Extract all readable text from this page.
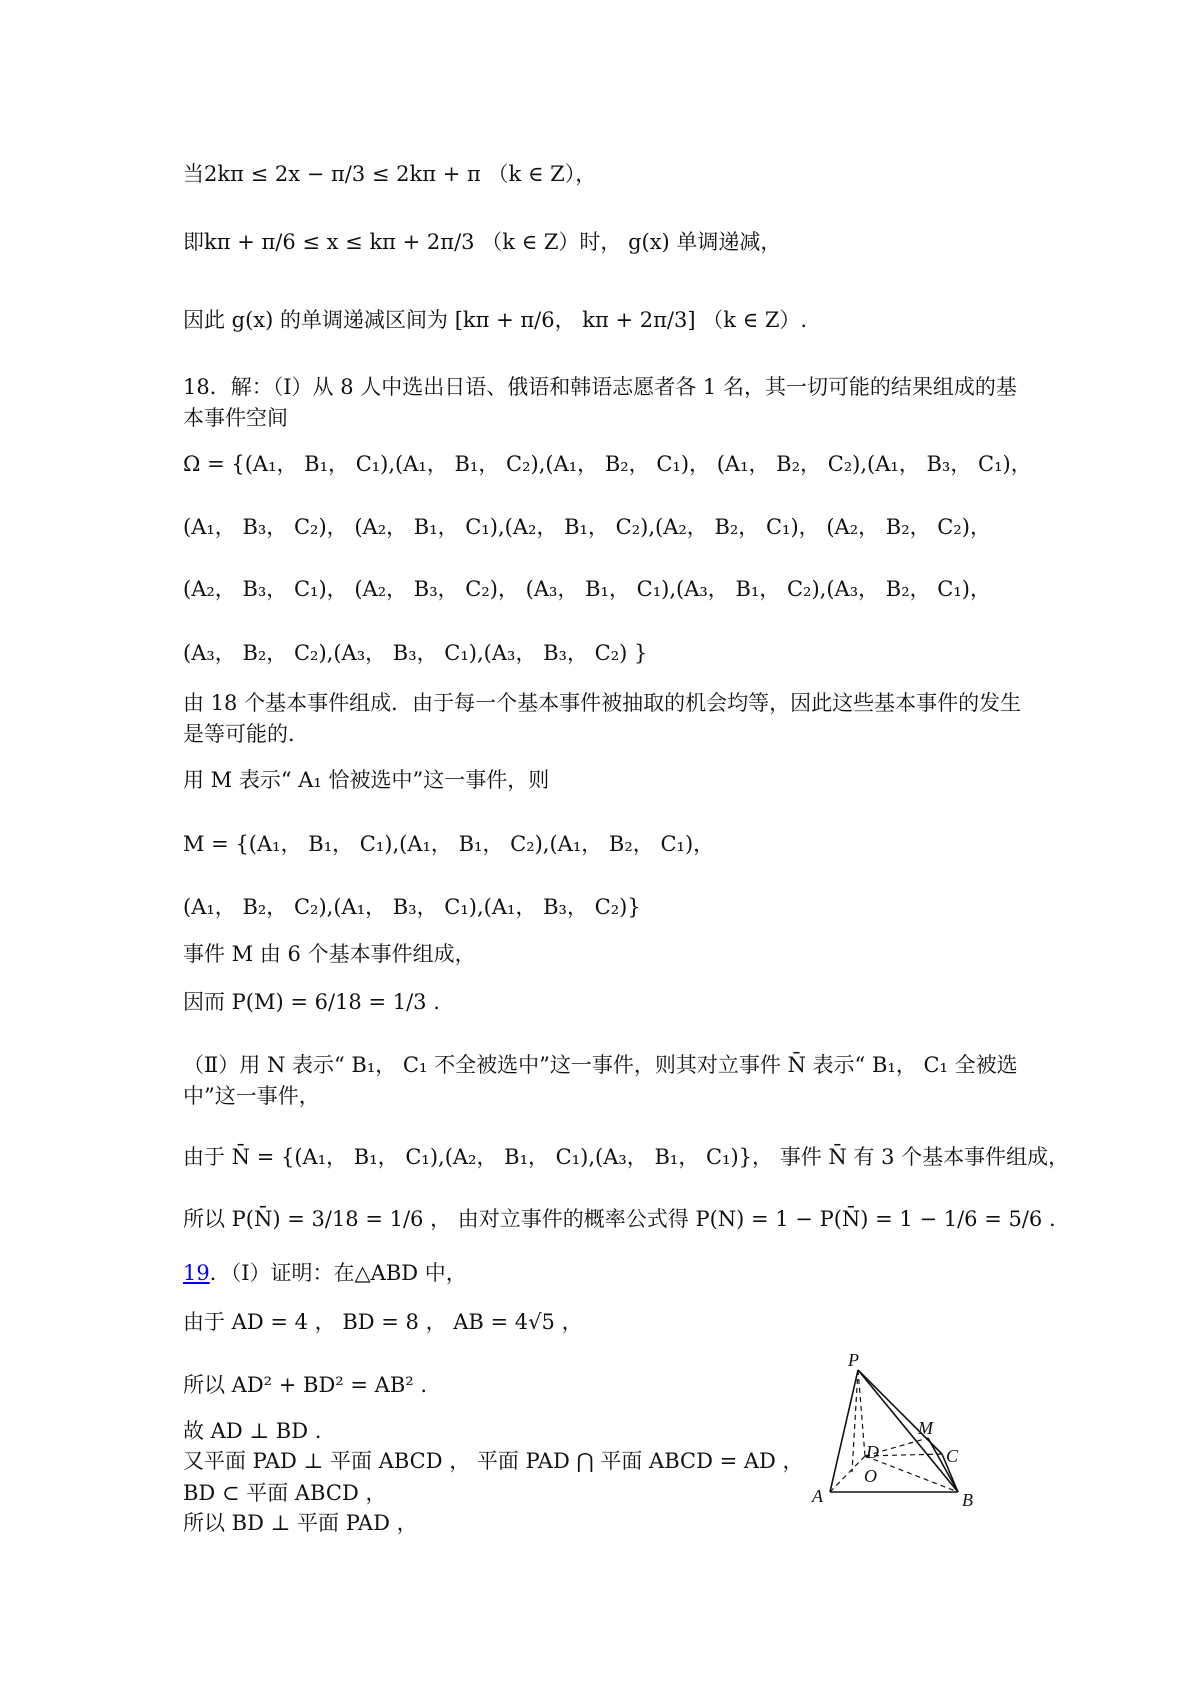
当2kπ ≤ 2x − π/3 ≤ 2kπ + π （k ∈ Z），
即kπ + π/6 ≤ x ≤ kπ + 2π/3 （k ∈ Z）时， g(x) 单调递减，
因此 g(x) 的单调递减区间为 [kπ + π/6， kπ + 2π/3] （k ∈ Z）.
18．解：（Ⅰ）从 8 人中选出日语、俄语和韩语志愿者各 1 名，其一切可能的结果组成的基本事件空间
Ω = {(A₁， B₁， C₁),(A₁， B₁， C₂),(A₁， B₂， C₁)， (A₁， B₂， C₂),(A₁， B₃， C₁)，
(A₁， B₃， C₂)， (A₂， B₁， C₁),(A₂， B₁， C₂),(A₂， B₂， C₁)， (A₂， B₂， C₂)，
(A₂， B₃， C₁)， (A₂， B₃， C₂)， (A₃， B₁， C₁),(A₃， B₁， C₂),(A₃， B₂， C₁)，
(A₃， B₂， C₂),(A₃， B₃， C₁),(A₃， B₃， C₂) }
由 18 个基本事件组成．由于每一个基本事件被抽取的机会均等，因此这些基本事件的发生是等可能的．
用 M 表示“ A₁ 恰被选中”这一事件，则
M = {(A₁， B₁， C₁),(A₁， B₁， C₂),(A₁， B₂， C₁)，
(A₁， B₂， C₂),(A₁， B₃， C₁),(A₁， B₃， C₂)}
事件 M 由 6 个基本事件组成，
因而 P(M) = 6/18 = 1/3 .
（Ⅱ）用 N 表示“ B₁， C₁ 不全被选中”这一事件，则其对立事件 N̄ 表示“ B₁， C₁ 全被选中”这一事件，
由于 N̄ = {(A₁， B₁， C₁),(A₂， B₁， C₁),(A₃， B₁， C₁)}， 事件 N̄ 有 3 个基本事件组成，
所以 P(N̄) = 3/18 = 1/6 ， 由对立事件的概率公式得 P(N) = 1 − P(N̄) = 1 − 1/6 = 5/6 .
19．（Ⅰ）证明：在△ABD 中，
由于 AD = 4 ， BD = 8 ， AB = 4√5 ，
所以 AD² + BD² = AB² .
故 AD ⊥ BD .
又平面 PAD ⊥ 平面 ABCD ， 平面 PAD ⋂ 平面 ABCD = AD ，
BD ⊂ 平面 ABCD ，
所以 BD ⊥ 平面 PAD ，
P
M
D	C
O
A	B
